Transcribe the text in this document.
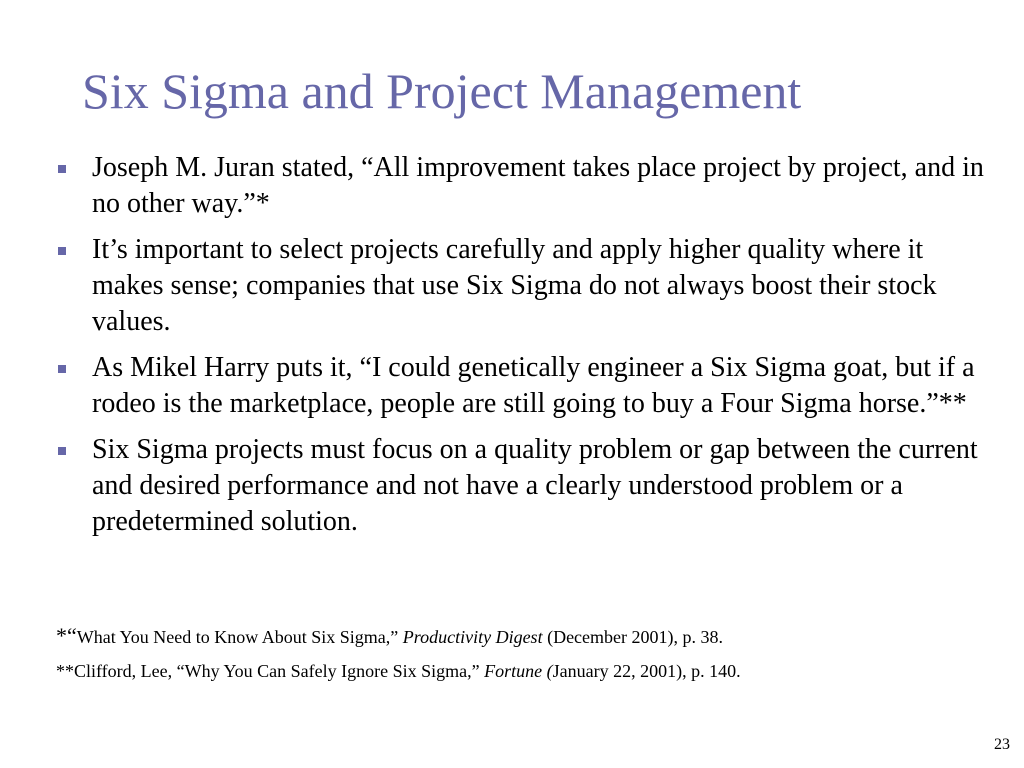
Six Sigma and Project Management
Joseph M. Juran stated, “All improvement takes place project by project, and in no other way.”*
It’s important to select projects carefully and apply higher quality where it makes sense; companies that use Six Sigma do not always boost their stock values.
As Mikel Harry puts it, “I could genetically engineer a Six Sigma goat, but if a rodeo is the marketplace, people are still going to buy a Four Sigma horse.”**
Six Sigma projects must focus on a quality problem or gap between the current and desired performance and not have a clearly understood problem or a predetermined solution.
*“What You Need to Know About Six Sigma,” Productivity Digest (December 2001), p. 38.
**Clifford, Lee, “Why You Can Safely Ignore Six Sigma,” Fortune (January 22, 2001), p. 140.
23
